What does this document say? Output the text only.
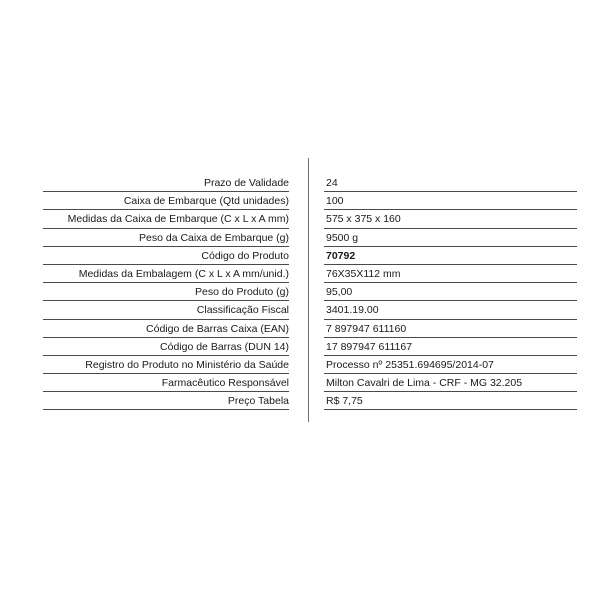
Prazo de Validade	24
Caixa de Embarque (Qtd unidades)	100
Medidas da Caixa de Embarque (C x L x A mm)	575 x 375 x 160
Peso da Caixa de Embarque (g)	9500 g
Código do Produto	70792
Medidas da Embalagem (C x L x A mm/unid.)	76X35X112 mm
Peso do Produto (g)	95,00
Classificação Fiscal	3401.19.00
Código de Barras Caixa (EAN)	7 897947 611160
Código de Barras (DUN 14)	17 897947 611167
Registro do Produto no Ministério da Saúde	Processo nº 25351.694695/2014-07
Farmacêutico Responsável	Milton Cavalri de Lima - CRF - MG 32.205
Preço Tabela	R$ 7,75
